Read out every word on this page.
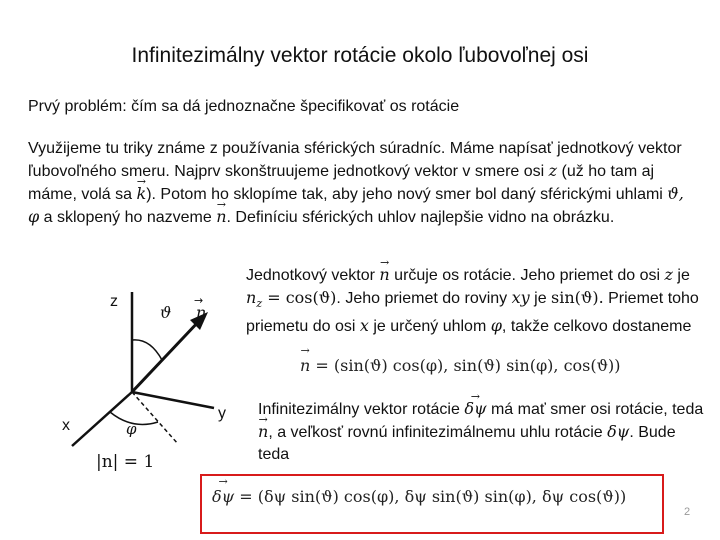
Infinitezimálny vektor rotácie okolo ľubovoľnej osi
Prvý problém: čím sa dá jednoznačne špecifikovať os rotácie
Využijeme tu triky známe z používania sférických súradníc. Máme napísať jednotkový vektor ľubovoľného smeru. Najprv skonštruujeme jednotkový vektor v smere osi z (už ho tam aj máme, volá sa → k). Potom ho sklopíme tak, aby jeho nový smer bol daný sférickými uhlami ϑ, φ a sklopený ho nazveme → n. Definíciu sférických uhlov najlepšie vidno na obrázku.
z
y
x
ϑ
φ
n
→
|n| = 1
Jednotkový vektor → n určuje os rotácie. Jeho priemet do osi z je $n_z = \cos(ϑ)$. Jeho priemet do roviny xy je sin(ϑ). Priemet toho priemetu do osi x je určený uhlom φ, takže celkovo dostaneme
→ n = (sin(ϑ) cos(φ), sin(ϑ) sin(φ), cos(ϑ))
Infinitezimálny vektor rotácie → δψ má mať smer osi rotácie, teda → n, a veľkosť rovnú infinitezimálnemu uhlu rotácie δψ. Bude teda
→ δψ = (δψ sin(ϑ) cos(φ), δψ sin(ϑ) sin(φ), δψ cos(ϑ))
2
